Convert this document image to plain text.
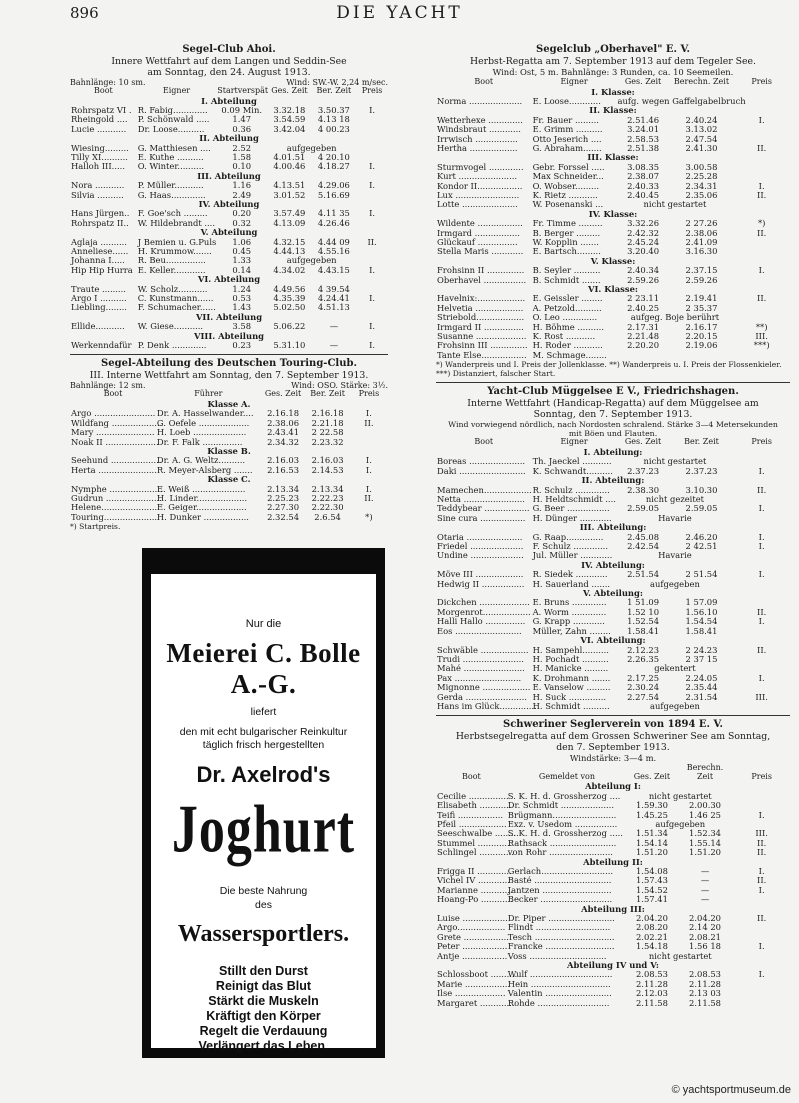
896	DIE YACHT
Segel-Club Ahoi.
Innere Wettfahrt auf dem Langen und Seddin-See
am Sonntag, den 24. August 1913.
Bahnlänge: 10 sm.	Wind: SW.-W. 2,24 m/sec.
Boot	Eigner	Startverspät	Ges. Zeit	Ber. Zeit	Preis
I. Abteilung					
Rohrspatz VI .	R. Fabig.............	0.09 Min.	3.32.18	3.50.37	I.
Rheingold ....	P. Schönwald .....	1.47	3.54.59	4.13 18	
Lucie ...........	Dr. Loose..........	0.36	3.42.04	4 00.23	
II. Abteilung					
Wiesing.........	G. Matthiesen ....	2.52	aufgegeben		
Tilly XI..........	E. Kuthe ..........	1.58	4.01.51	4 20.10	
Halloh III.....	O. Winter..........	0.10	4.00.46	4.18.27	I.
III. Abteilung					
Nora ...........	P. Müller...........	1.16	4.13.51	4.29.06	I.
Silvia ..........	G. Haas.............	2.49	3.01.52	5.16.69	
IV. Abteilung					
Hans Jürgen..	F. Goe'sch .........	0.20	3.57.49	4.11 35	I.
Rohrspatz II..	W. Hildebrandt ....	0.32	4.13.09	4.26.46	
V. Abteilung					
Aglaja ..........	J Bemien u. G.Puls	1.06	4.32.15	4.44 09	II.
Anneliese......	H. Krummow.......	0.45	4.44.13	4.55.16	
Johanna I.....	R. Beu...............	1.33	aufgegeben		
Hip Hip Hurra	E. Keller............	0.14	4.34.02	4.43.15	I.
VI. Abteilung					
Traute .........	W. Scholz...........	1.24	4.49.56	4 39.54	
Argo I ..........	C. Kunstmann......	0.53	4.35.39	4.24.41	I.
Liebling........	F. Schumacher......	1.43	5.02.50	4.51.13	
VII. Abteilung					
Ellide...........	W. Giese...........	3.58	5.06.22	—	I.
VIII. Abteilung					
Werkenndafür	P. Denk .............	0.23	5.31.10	—	I.
Segel-Abteilung des Deutschen Touring-Club.
III. Interne Wettfahrt am Sonntag, den 7. September 1913.
Bahnlänge: 12 sm.	Wind: OSO. Stärke: 3½.
Boot	Führer	Ges. Zeit	Ber. Zeit	Preis
Klasse A.				
Argo .......................	Dr. A. Hasselwander....	2.16.18	2.16.18	I.
Wildfang ...................	G. Oefele ...................	2.38.06	2.21.18	II.
Mary ......................	H. Loeb ....................	2.43.41	2 22.58	
Noak II ....................	Dr. F. Falk ...............	2.34.32	2.23.32	
Klasse B.				
Seehund ...................	Dr. A. G. Weltz..........	2.16.03	2.16.03	I.
Herta ......................	R. Meyer-Alsberg .......	2.16.53	2.14.53	I.
Klasse C.				
Nymphe ....................	E. Weiß ....................	2.13.34	2.13.34	I.
Gudrun .....................	H. Linder...................	2.25.23	2.22.23	II.
Helene......................	E. Geiger...................	2.27.30	2.22.30	
Touring.....................	H. Dunker .................	2.32.54	2.6.54	*)
*) Startpreis.
Nur die
Meierei C. Bolle A.-G.
liefert
den mit echt bulgarischer Reinkultur
täglich frisch hergestellten
Dr. Axelrod's
Joghurt
Die beste Nahrung
des
Wassersportlers.
Stillt den Durst
Reinigt das Blut
Stärkt die Muskeln
Kräftigt den Körper
Regelt die Verdauung
Verlängert das Leben.
Segelclub „Oberhavel" E. V.
Herbst-Regatta am 7. September 1913 auf dem Tegeler See.
Wind: Ost, 5 m. Bahnlänge: 3 Runden, ca. 10 Seemeilen.
Boot	Eigner	Ges. Zeit	Berechn. Zeit	Preis
I. Klasse:				
Norma ....................	E. Loose............	aufg. wegen Gaffelgabelbruch		
II. Klasse:				
Wetterhexe .............	Fr. Bauer .........	2.51.46	2.40.24	I.
Windsbraut ............	E. Grimm ..........	3.24.01	3.13.02	
Irrwisch ................	Otto Jeserich ....	2.58.53	2.47.54	
Hertha ..................	G. Abraham.......	2.51.38	2.41.30	II.
III. Klasse:				
Sturmvogel .............	Gebr. Forssel .....	3.08.35	3.00.58	
Kurt ......................	Max Schneider...	2.38.07	2.25.28	
Kondor II.................	O. Wobser.........	2.40.33	2.34.31	I.
Lux ........................	K. Rietz ...........	2.40.45	2.35.06	II.
Lotte .....................	W. Posenanski ...	nicht gestartet		
IV. Klasse:				
Wildente .................	Fr. Timme .........	3.32.26	2 27.26	*)
Irmgard .................	B. Berger .........	2.42.32	2.38.06	II.
Glückauf ...............	W. Kopplin .......	2.45.24	2.41.09	
Stella Maris ............	E. Bartsch.........	3.20.40	3.16.30	
V. Klasse:				
Frohsinn II ..............	B. Seyler ..........	2.40.34	2.37.15	I.
Oberhavel ................	B. Schmidt .......	2.59.26	2.59.26	
VI. Klasse:				
Havelnix:..................	E. Geissler ........	2 23.11	2.19.41	II.
Helvetia ..................	A. Petzold..........	2.40.25	2 35.37	
Striebold..................	O. Leo .............	aufgeg. Boje berührt		
Irmgard II ...............	H. Böhme ..........	2.17.31	2.16.17	**)
Susanne ...................	K. Rost ...........	2.21.48	2.20.15	III.
Frohsinn III ..............	H. Roder ...........	2.20.20	2.19.06	***)
Tante Else.................	M. Schmage........			
*) Wanderpreis und I. Preis der Jollenklasse. **) Wanderpreis u. I. Preis der Flossenkieler. ***) Distanziert, falscher Start.
Yacht-Club Müggelsee E V., Friedrichshagen.
Interne Wettfahrt (Handicap-Regatta) auf dem Müggelsee am
Sonntag, den 7. September 1913.
Wind vorwiegend nördlich, nach Nordosten schralend. Stärke 3—4 Metersekunden
mit Böen und Flauten.
Boot	Eigner	Ges. Zeit	Ber. Zeit	Preis
I. Abteilung:				
Boreas .....................	Th. Jaeckel ...........	nicht gestartet		
Daki .........................	K. Schwandt..........	2.37.23	2.37.23	I.
II. Abteilung:				
Mamechen..................	R. Schulz .............	2.38.30	3.10.30	II.
Netta .......................	H. Heldtschmidt ....	nicht gezeitet		
Teddybear .................	G. Beer ................	2.59.05	2.59.05	I.
Sine cura .................	H. Dünger ............	Havarie		
III. Abteilung:				
Otaria .....................	G. Raap..............	2.45.08	2.46.20	I.
Friedel ....................	F. Schulz .............	2.42.54	2 42.51	I.
Undine ....................	Jul. Müller ............	Havarie		
IV. Abteilung:				
Möve III ..................	R. Siedek ............	2.51.54	2 51.54	I.
Hedwig II ................	H. Sauerland .......	aufgegeben		
V. Abteilung:				
Dickchen ...................	E. Bruns .............	1 51.09	1 57.09	
Morgenrot..................	A. Worm .............	1.52 10	1.56.10	II.
Halli Hallo ...............	G. Krapp ............	1.52.54	1.54.54	I.
Eos .........................	Müller, Zahn ........	1.58.41	1.58.41	
VI. Abteilung:				
Schwäble ..................	H. Sampehl..........	2.12.23	2 24.23	II.
Trudi .......................	H. Pochadt ..........	2.26.35	2 37 15	
Mahé .......................	H. Manicke .........	gekentert		
Pax .........................	K. Drohmann .......	2.17.25	2.24.05	I.
Mignonne ..................	E. Vanselow .........	2.30.24	2.35.44	
Gerda .......................	H. Suck ..............	2.27.54	2.31.54	III.
Hans im Glück..............	H. Schmidt ..........	aufgegeben		
Schweriner Seglerverein von 1894 E. V.
Herbstsegelregatta auf dem Grossen Schweriner See am Sonntag,
den 7. September 1913.
Windstärke: 3—4 m.
Boot	Gemeldet von	Ges. Zeit	Berechn. Zeit	Preis
Abteilung I:				
Cecilie ...............	S. K. H. d. Grossherzog ....	nicht gestartet		
Elisabeth ............	Dr. Schmidt ....................	1.59.30	2.00.30	
Teifi .................	Brügmann........................	1.45.25	1.46 25	I.
Pfeil ..................	Exz. v. Usedom ................	aufgegeben		
Seeschwalbe .........	S. K. H. d. Grossherzog .....	1.51.34	1.52.34	III.
Stummel .............	Rathsack .........................	1.54.14	1.55.14	II.
Schlingel .............	von Rohr ........................	1.51.20	1.51.20	II.
Abteilung II:				
Frigga II .............	Gerlach...........................	1.54.08	—	I.
Vichel IV ............	Basté .............................	1.57.43	—	II.
Marianne ............	Jantzen ..........................	1.54.52	—	I.
Hoang-Po ............	Becker ...........................	1.57.41	—	
Abteilung III:				
Luise .................	Dr. Piper .........................	2.04.20	2.04.20	II.
Argo..................	Flindt ............................	2.08.20	2.14 20	
Grete .................	Tesch ..............................	2.02.21	2.08.21	
Peter .................	Francke ..........................	1.54.18	1.56 18	I.
Antje .................	Voss .............................	nicht gestartet		
Abteilung IV und V:				
Schlossboot ..........	Wulf ...............................	2.08.53	2.08.53	I.
Marie .................	Hein ..............................	2.11.28	2.11.28	
Ilse ...................	Valentin .........................	2.12.03	2.13 03	
Margaret .............	Rohde ...........................	2.11.58	2.11.58	
© yachtsportmuseum.de
